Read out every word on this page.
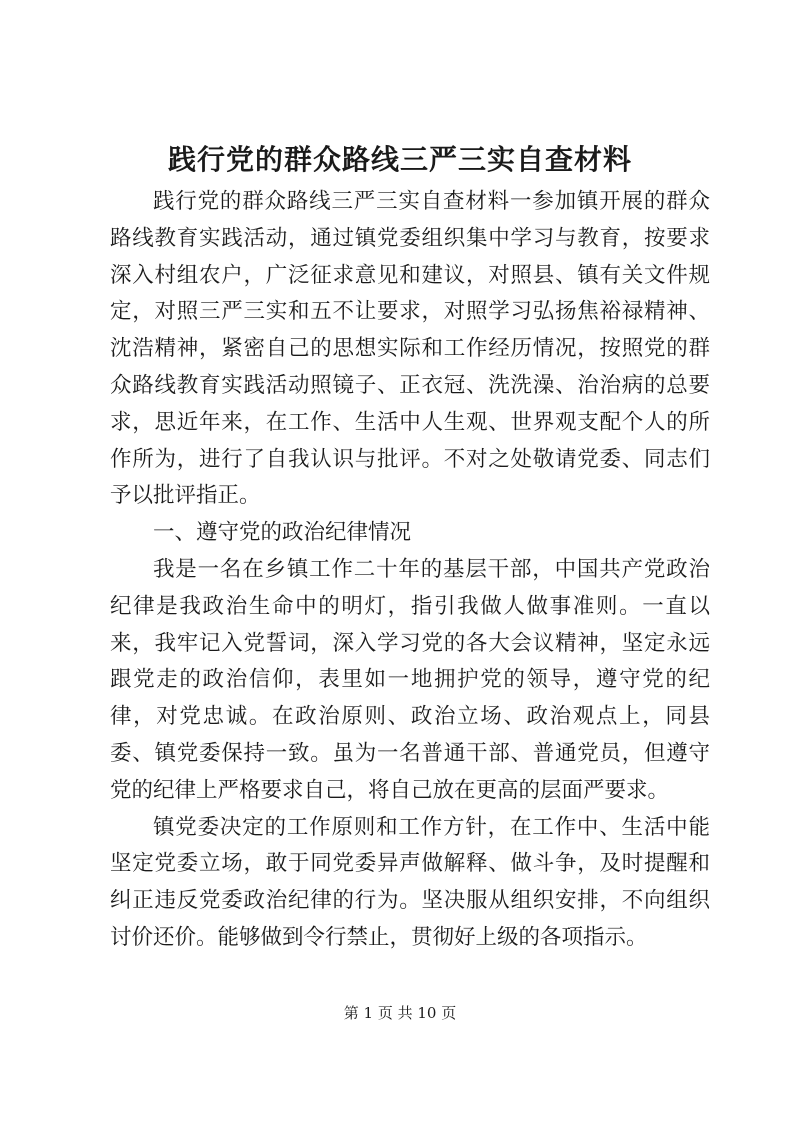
践行党的群众路线三严三实自查材料

践行党的群众路线三严三实自查材料一参加镇开展的群众路线教育实践活动，通过镇党委组织集中学习与教育，按要求深入村组农户，广泛征求意见和建议，对照县、镇有关文件规定，对照三严三实和五不让要求，对照学习弘扬焦裕禄精神、沈浩精神，紧密自己的思想实际和工作经历情况，按照党的群众路线教育实践活动照镜子、正衣冠、洗洗澡、治治病的总要求，思近年来，在工作、生活中人生观、世界观支配个人的所作所为，进行了自我认识与批评。不对之处敬请党委、同志们予以批评指正。

一、遵守党的政治纪律情况

我是一名在乡镇工作二十年的基层干部，中国共产党政治纪律是我政治生命中的明灯，指引我做人做事准则。一直以来，我牢记入党誓词，深入学习党的各大会议精神，坚定永远跟党走的政治信仰，表里如一地拥护党的领导，遵守党的纪律，对党忠诚。在政治原则、政治立场、政治观点上，同县委、镇党委保持一致。虽为一名普通干部、普通党员，但遵守党的纪律上严格要求自己，将自己放在更高的层面严要求。

镇党委决定的工作原则和工作方针，在工作中、生活中能坚定党委立场，敢于同党委异声做解释、做斗争，及时提醒和纠正违反党委政治纪律的行为。坚决服从组织安排，不向组织讨价还价。能够做到令行禁止，贯彻好上级的各项指示。

第 1 页 共 10 页
